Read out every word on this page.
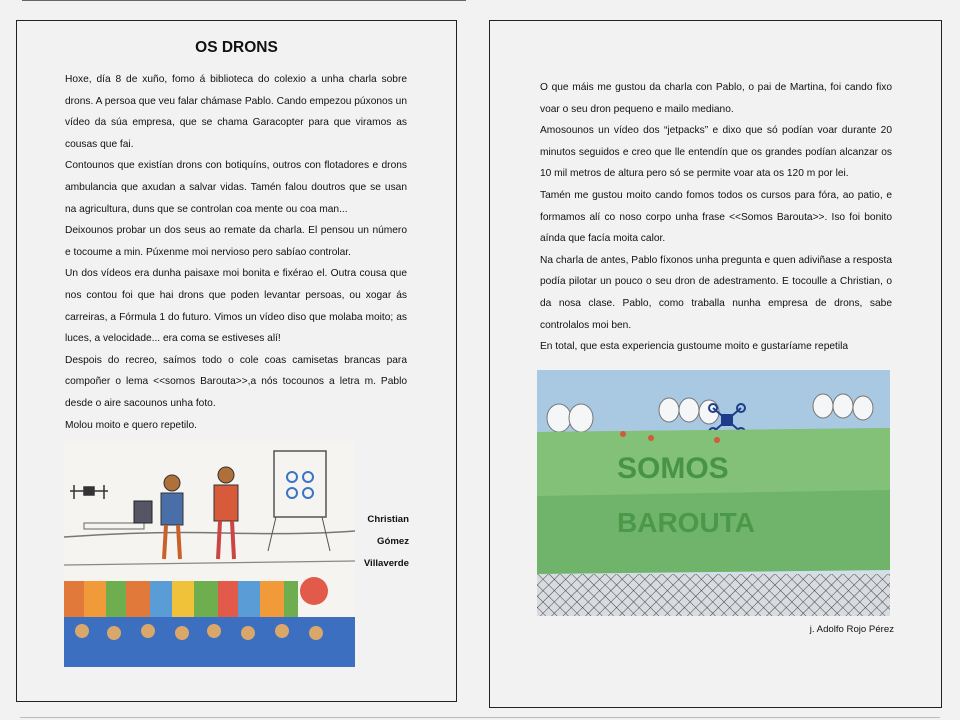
OS DRONS

Hoxe, día 8 de xuño, fomo á biblioteca do colexio a unha charla sobre drons. A persoa que veu falar chámase Pablo. Cando empezou púxonos un vídeo da súa empresa, que se chama Garacopter para que viramos as cousas que fai.

Contounos que existían drons con botiquíns, outros con flotadores e drons ambulancia que axudan a salvar vidas. Tamén falou doutros que se usan na agricultura, duns que se controlan coa mente ou coa man...

Deixounos probar un dos seus ao remate da charla. El pensou un número e tocoume a min. Púxenme moi nervioso pero sabíao controlar.

Un dos vídeos era dunha paisaxe moi bonita e fixérao el. Outra cousa que nos contou foi que hai drons que poden levantar persoas, ou xogar ás carreiras, a Fórmula 1 do futuro. Vimos un vídeo diso que molaba moito; as luces, a velocidade... era coma se estiveses alí!

Despois do recreo, saímos todo o cole coas camisetas brancas para compoñer o lema <<somos Barouta>>,a nós tocounos a letra m. Pablo desde o aire sacounos unha foto.

Molou moito e quero repetilo.

Christian
Gómez
Villaverde

O que máis me gustou da charla con Pablo, o pai de Martina, foi cando fixo voar o seu dron pequeno e mailo mediano.

Amosounos un vídeo dos “jetpacks” e dixo que só podían voar durante 20 minutos seguidos e creo que lle entendín que os grandes podían alcanzar os 10 mil metros de altura pero só se permite voar ata os 120 m por lei.

Tamén me gustou moito cando fomos todos os cursos para fóra, ao patio, e formamos alí co noso corpo unha frase <<Somos Barouta>>. Iso foi bonito aínda que facía moita calor.

Na charla de antes, Pablo fíxonos unha pregunta e quen adiviñase a resposta podía pilotar un pouco o seu dron de adestramento. E tocoulle a Christian, o da nosa clase. Pablo, como traballa nunha empresa de drons, sabe controlalos moi ben.

En total, que esta experiencia gustoume moito e gustaríame repetila

SOMOS
BAROUTA
j. Adolfo Rojo Pérez
